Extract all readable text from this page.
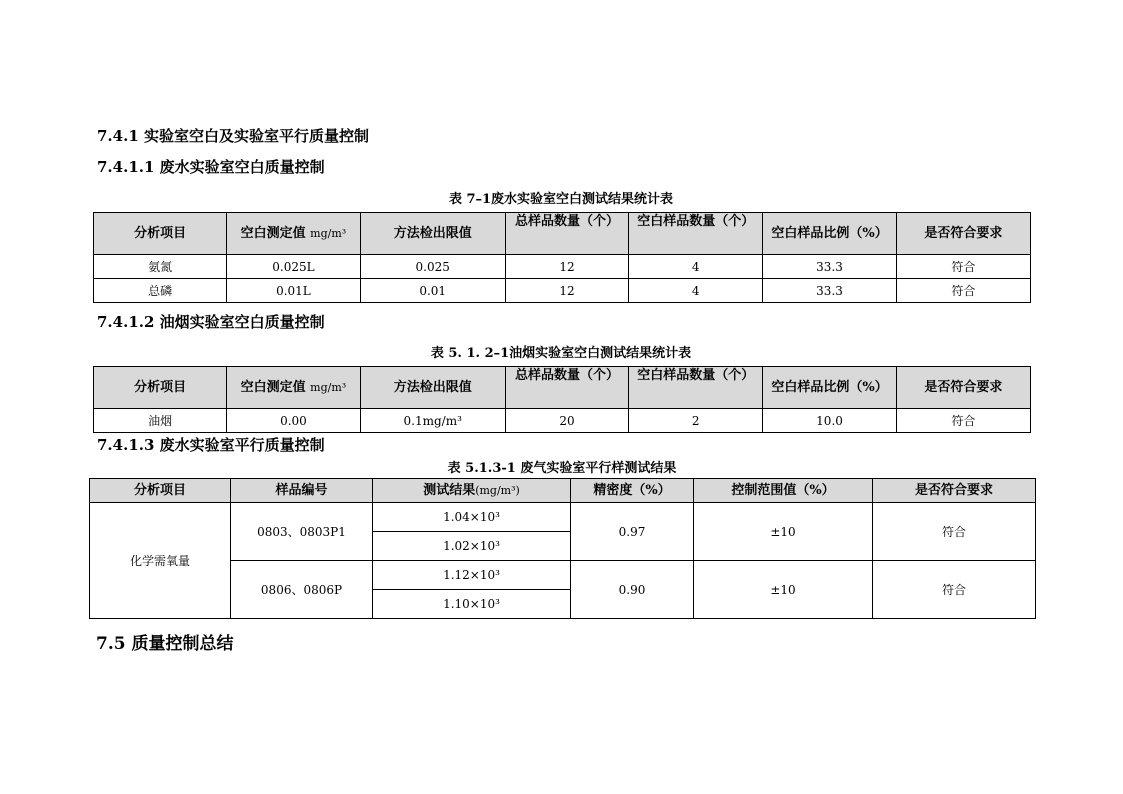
7.4.1 实验室空白及实验室平行质量控制
7.4.1.1 废水实验室空白质量控制
表 7–1废水实验室空白测试结果统计表
分析项目	空白测定值 mg/m³	方法检出限值	总样品数量（个）	空白样品数量（个）	空白样品比例（%）	是否符合要求
氨氮	0.025L	0.025	12	4	33.3	符合
总磷	0.01L	0.01	12	4	33.3	符合
7.4.1.2 油烟实验室空白质量控制
表 5. 1. 2–1油烟实验室空白测试结果统计表
分析项目	空白测定值 mg/m³	方法检出限值	总样品数量（个）	空白样品数量（个）	空白样品比例（%）	是否符合要求
油烟	0.00	0.1mg/m³	20	2	10.0	符合
7.4.1.3 废水实验室平行质量控制
表 5.1.3-1 废气实验室平行样测试结果
分析项目	样品编号	测试结果(mg/m³)	精密度（%）	控制范围值（%）	是否符合要求
化学需氧量	0803、0803P1	1.04×10³	0.97	±10	符合
		1.02×10³			
	0806、0806P	1.12×10³	0.90	±10	符合
		1.10×10³			
7.5 质量控制总结
